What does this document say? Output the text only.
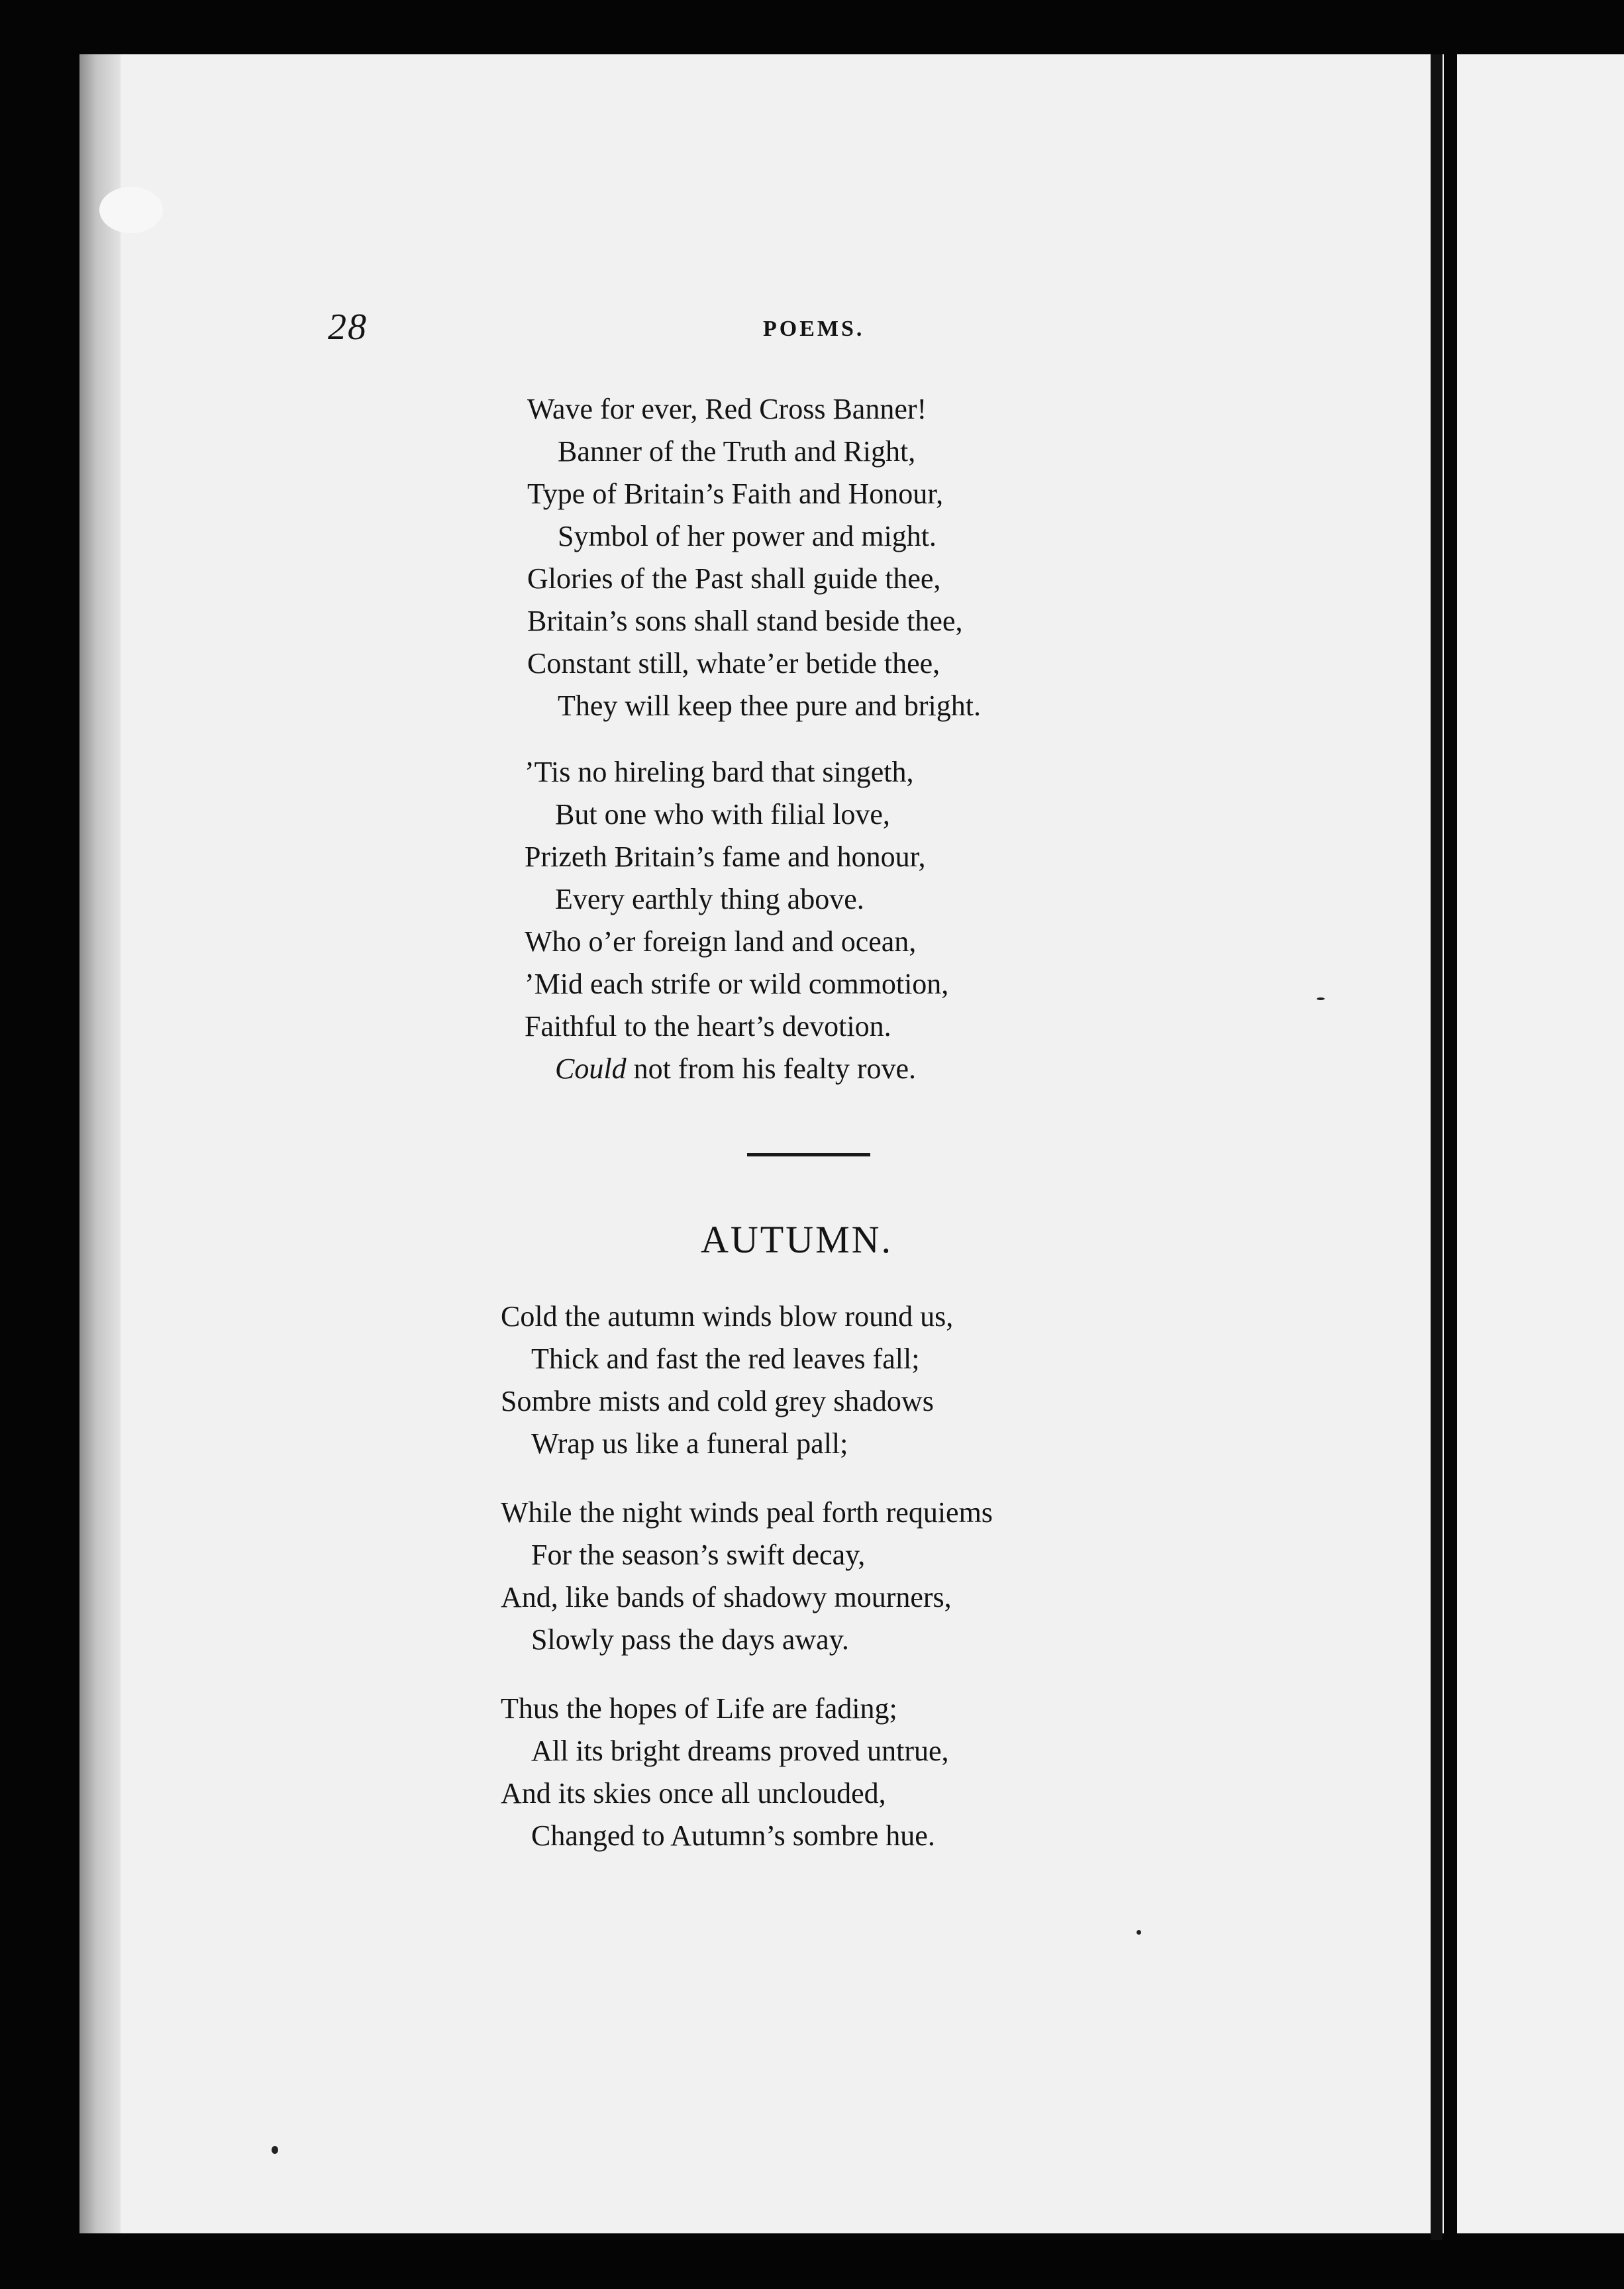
28	POEMS.
Wave for ever, Red Cross Banner!
Banner of the Truth and Right,
Type of Britain’s Faith and Honour,
Symbol of her power and might.
Glories of the Past shall guide thee,
Britain’s sons shall stand beside thee,
Constant still, whate’er betide thee,
They will keep thee pure and bright.
’Tis no hireling bard that singeth,
But one who with filial love,
Prizeth Britain’s fame and honour,
Every earthly thing above.
Who o’er foreign land and ocean,
’Mid each strife or wild commotion,
Faithful to the heart’s devotion.
Could not from his fealty rove.
AUTUMN.
Cold the autumn winds blow round us,
Thick and fast the red leaves fall;
Sombre mists and cold grey shadows
Wrap us like a funeral pall;
While the night winds peal forth requiems
For the season’s swift decay,
And, like bands of shadowy mourners,
Slowly pass the days away.
Thus the hopes of Life are fading;
All its bright dreams proved untrue,
And its skies once all unclouded,
Changed to Autumn’s sombre hue.
